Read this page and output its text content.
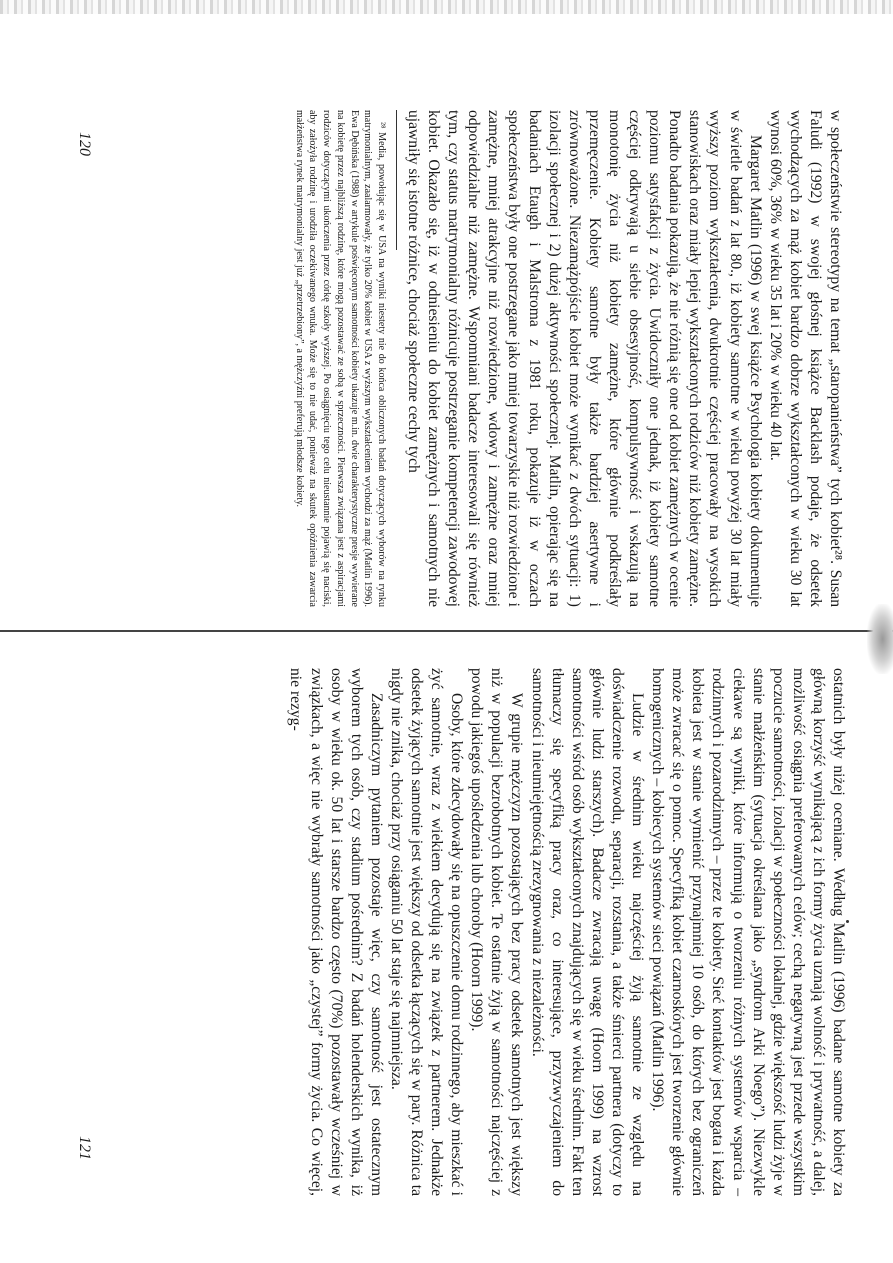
w społeczeństwie stereotypy na temat „staropanieństwa” tych kobiet²⁸. Susan Faludi (1992) w swojej głośnej książce Backlash podaje, że odsetek wychodzących za mąż kobiet bardzo dobrze wykształconych w wieku 30 lat wynosi 60%, 36% w wieku 35 lat i 20% w wieku 40 lat.

Margaret Matlin (1996) w swej książce Psychologia kobiety dokumentuje w świetle badań z lat 80., iż kobiety samotne w wieku powyżej 30 lat miały wyższy poziom wykształcenia, dwukrotnie częściej pracowały na wysokich stanowiskach oraz miały lepiej wykształconych rodziców niż kobiety zamężne. Ponadto badania pokazują, że nie różnią się one od kobiet zamężnych w ocenie poziomu satysfakcji z życia. Uwidoczniły one jednak, iż kobiety samotne częściej odkrywają u siebie obsesyjność, kompulsywność i wskazują na monotonię życia niż kobiety zamężne, które głównie podkreślały przemęczenie. Kobiety samotne były także bardziej asertywne i zrównoważone. Niezamążpójście kobiet może wynikać z dwóch sytuacji: 1) izolacji społecznej i 2) dużej aktywności społecznej. Matlin, opierając się na badaniach Etaugh i Malstroma z 1981 roku, pokazuje iż w oczach społeczeństwa były one postrzegane jako mniej towarzyskie niż rozwiedzione i zamężne, mniej atrakcyjne niż rozwiedzione, wdowy i zamężne oraz mniej odpowiedzialne niż zamężne. Wspomniani badacze interesowali się również tym, czy status matrymonialny różnicuje postrzeganie kompetencji zawodowej kobiet. Okazało się, iż w odniesieniu do kobiet zamężnych i samotnych nie ujawniły się istotne różnice, chociaż społeczne cechy tych

²⁸ Media, powołując się w USA na wyniki niestety nie do końca obliczonych badań dotyczących wyborów na rynku matrymonialnym, zaalarmowały, że tylko 20% kobiet w USA z wyższym wykształceniem wychodzi za mąż (Matlin 1996). Ewa Dębińska (1988) w artykule poświęconym samotności kobiety ukazuje m.in. dwie charakterystyczne presje wywierane na kobietę przez najbliższą rodzinę, które mogą pozostawać ze sobą w sprzeczności. Pierwsza związana jest z aspiracjami rodziców dotyczącymi ukończenia przez córkę szkoły wyższej. Po osiągnięciu tego celu nieustannie pojawią się naciski, aby założyła rodzinę i urodziła oczekiwanego wnuka. Może się to nie udać, ponieważ na skutek opóźnienia zawarcia małżeństwa rynek matrymonialny jest już „przetrzebiony”, a mężczyźni preferują młodsze kobiety.

120

ostatnich były niżej oceniane. Według Matlin (1996) badane samotne kobiety za główną korzyść wynikającą z ich formy życia uznają wolność i prywatność, a dalej, możliwość osiągnia preferowanych celów; cechą negatywną jest przede wszystkim poczucie samotności, izolacji w społeczności lokalnej, gdzie większość ludzi żyje w stanie małżeńskim (sytuacja określana jako „syndrom Arki Noego”). Niezwykle ciekawe są wyniki, które informują o tworzeniu różnych systemów wsparcia – rodzinnych i pozarodzinnych – przez te kobiety. Sieć kontaktów jest bogata i każda kobieta jest w stanie wymienić przynajmniej 10 osób, do których bez ograniczeń może zwracać się o pomoc. Specyfiką kobiet czarnoskórych jest tworzenie głównie homogenicznych – kobiecych systemów sieci powiązań (Matlin 1996).

Ludzie w średnim wieku najczęściej żyją samotnie ze względu na doświadczenie rozwodu, separacji, rozstania, a także śmierci partnera (dotyczy to głównie ludzi starszych). Badacze zwracają uwagę (Hoorn 1999) na wzrost samotności wśród osób wykształconych znajdujących się w wieku średnim. Fakt ten tłumaczy się specyfiką pracy oraz, co interesujące, przyzwyczajeniem do samotności i nieumiejętnością zrezygnowania z niezależności.

W grupie mężczyzn pozostających bez pracy odsetek samotnych jest większy niż w populacji bezrobotnych kobiet. Te ostatnie żyją w samotności najczęściej z powodu jakiegoś upośledzenia lub choroby (Hoorn 1999).

Osoby, które zdecydowały się na opuszczenie domu rodzinnego, aby mieszkać i żyć samotnie, wraz z wiekiem decydują się na związek z partnerem. Jednakże odsetek żyjących samotnie jest większy od odsetka łączących się w pary. Różnica ta nigdy nie znika, chociaż przy osiąganiu 50 lat staje się najmniejsza.

Zasadniczym pytaniem pozostaje więc, czy samotność jest ostatecznym wyborem tych osób, czy stadium pośrednim? Z badań holenderskich wynika, iż osoby w wieku ok. 50 lat i starsze bardzo często (70%) pozostawały wcześniej w związkach, a więc nie wybrały samotności jako „czystej” formy życia. Co więcej, nie rezyg-

121
